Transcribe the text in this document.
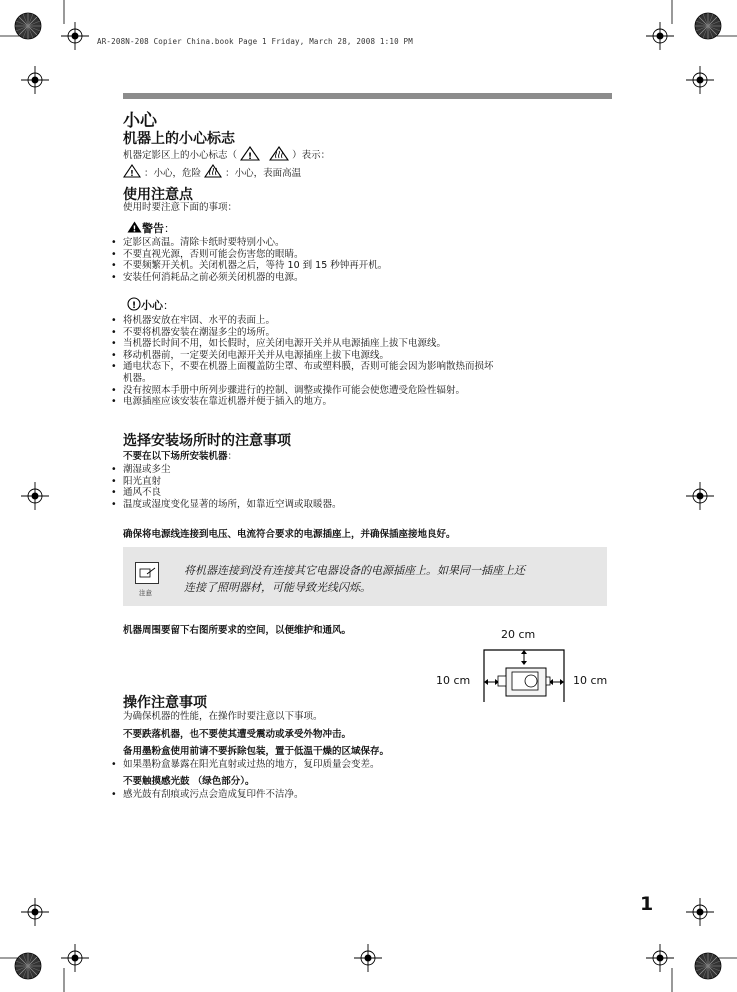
AR-208N-208 Copier China.book Page 1 Friday, March 28, 2008 1:10 PM
小心
机器上的小心标志
机器定影区上的小心标志（ !	）表示：
! ：小心，危险	：小心，表面高温
使用注意点
使用时要注意下面的事项：
! 警告：
• 定影区高温。清除卡纸时要特别小心。
• 不要直视光源，否则可能会伤害您的眼睛。
• 不要频繁开关机。关闭机器之后，等待 10 到 15 秒钟再开机。
• 安装任何消耗品之前必须关闭机器的电源。
! 小心：
• 将机器安放在牢固、水平的表面上。
• 不要将机器安装在潮湿多尘的场所。
• 当机器长时间不用，如长假时，应关闭电源开关并从电源插座上拔下电源线。
• 移动机器前，一定要关闭电源开关并从电源插座上拔下电源线。
• 通电状态下，不要在机器上面覆盖防尘罩、布或塑料膜，否则可能会因为影响散热而损坏
机器。
• 没有按照本手册中所列步骤进行的控制、调整或操作可能会使您遭受危险性辐射。
• 电源插座应该安装在靠近机器并便于插入的地方。
选择安装场所时的注意事项
不要在以下场所安装机器：
• 潮湿或多尘
• 阳光直射
• 通风不良
• 温度或湿度变化显著的场所，如靠近空调或取暖器。
确保将电源线连接到电压、电流符合要求的电源插座上，并确保插座接地良好。
注意
将机器连接到没有连接其它电器设备的电源插座上。如果同一插座上还
连接了照明器材，可能导致光线闪烁。
机器周围要留下右图所要求的空间，以便维护和通风。	20 cm
10 cm	10 cm
操作注意事项
为确保机器的性能，在操作时要注意以下事项。
不要跌落机器，也不要使其遭受震动或承受外物冲击。
备用墨粉盒使用前请不要拆除包装，置于低温干燥的区域保存。
• 如果墨粉盒暴露在阳光直射或过热的地方，复印质量会变差。
不要触摸感光鼓 （绿色部分）。
• 感光鼓有刮痕或污点会造成复印件不洁净。
1
